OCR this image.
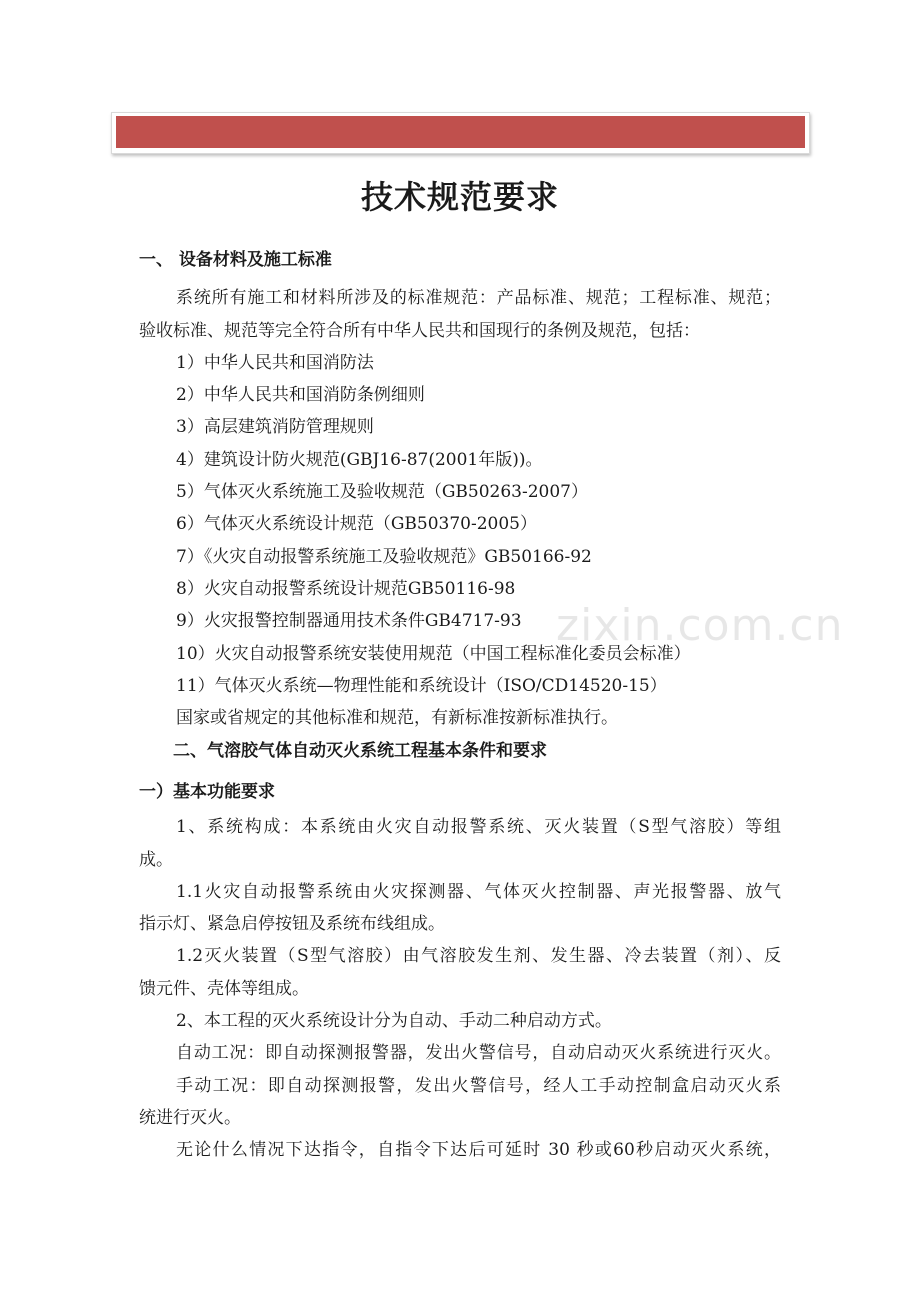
技术规范要求
一、 设备材料及施工标准
系统所有施工和材料所涉及的标准规范：产品标准、规范；工程标准、规范；
验收标准、规范等完全符合所有中华人民共和国现行的条例及规范，包括：
1）中华人民共和国消防法
2）中华人民共和国消防条例细则
3）高层建筑消防管理规则
4）建筑设计防火规范(GBJ16-87(2001年版))。
5）气体灭火系统施工及验收规范（GB50263-2007）
6）气体灭火系统设计规范（GB50370-2005）
7）《火灾自动报警系统施工及验收规范》GB50166-92
8）火灾自动报警系统设计规范GB50116-98
9）火灾报警控制器通用技术条件GB4717-93
10）火灾自动报警系统安装使用规范（中国工程标准化委员会标准）
11）气体灭火系统—物理性能和系统设计（ISO/CD14520-15）
国家或省规定的其他标准和规范，有新标准按新标准执行。
二、气溶胶气体自动灭火系统工程基本条件和要求
一）基本功能要求
1、系统构成：本系统由火灾自动报警系统、灭火装置（S型气溶胶）等组
成。
1.1火灾自动报警系统由火灾探测器、气体灭火控制器、声光报警器、放气
指示灯、紧急启停按钮及系统布线组成。
1.2灭火装置（S型气溶胶）由气溶胶发生剂、发生器、冷去装置（剂）、反
馈元件、壳体等组成。
2、本工程的灭火系统设计分为自动、手动二种启动方式。
自动工况：即自动探测报警器，发出火警信号，自动启动灭火系统进行灭火。
手动工况：即自动探测报警，发出火警信号，经人工手动控制盒启动灭火系
统进行灭火。
无论什么情况下达指令，自指令下达后可延时 30 秒或60秒启动灭火系统，
zixin.com.cn
